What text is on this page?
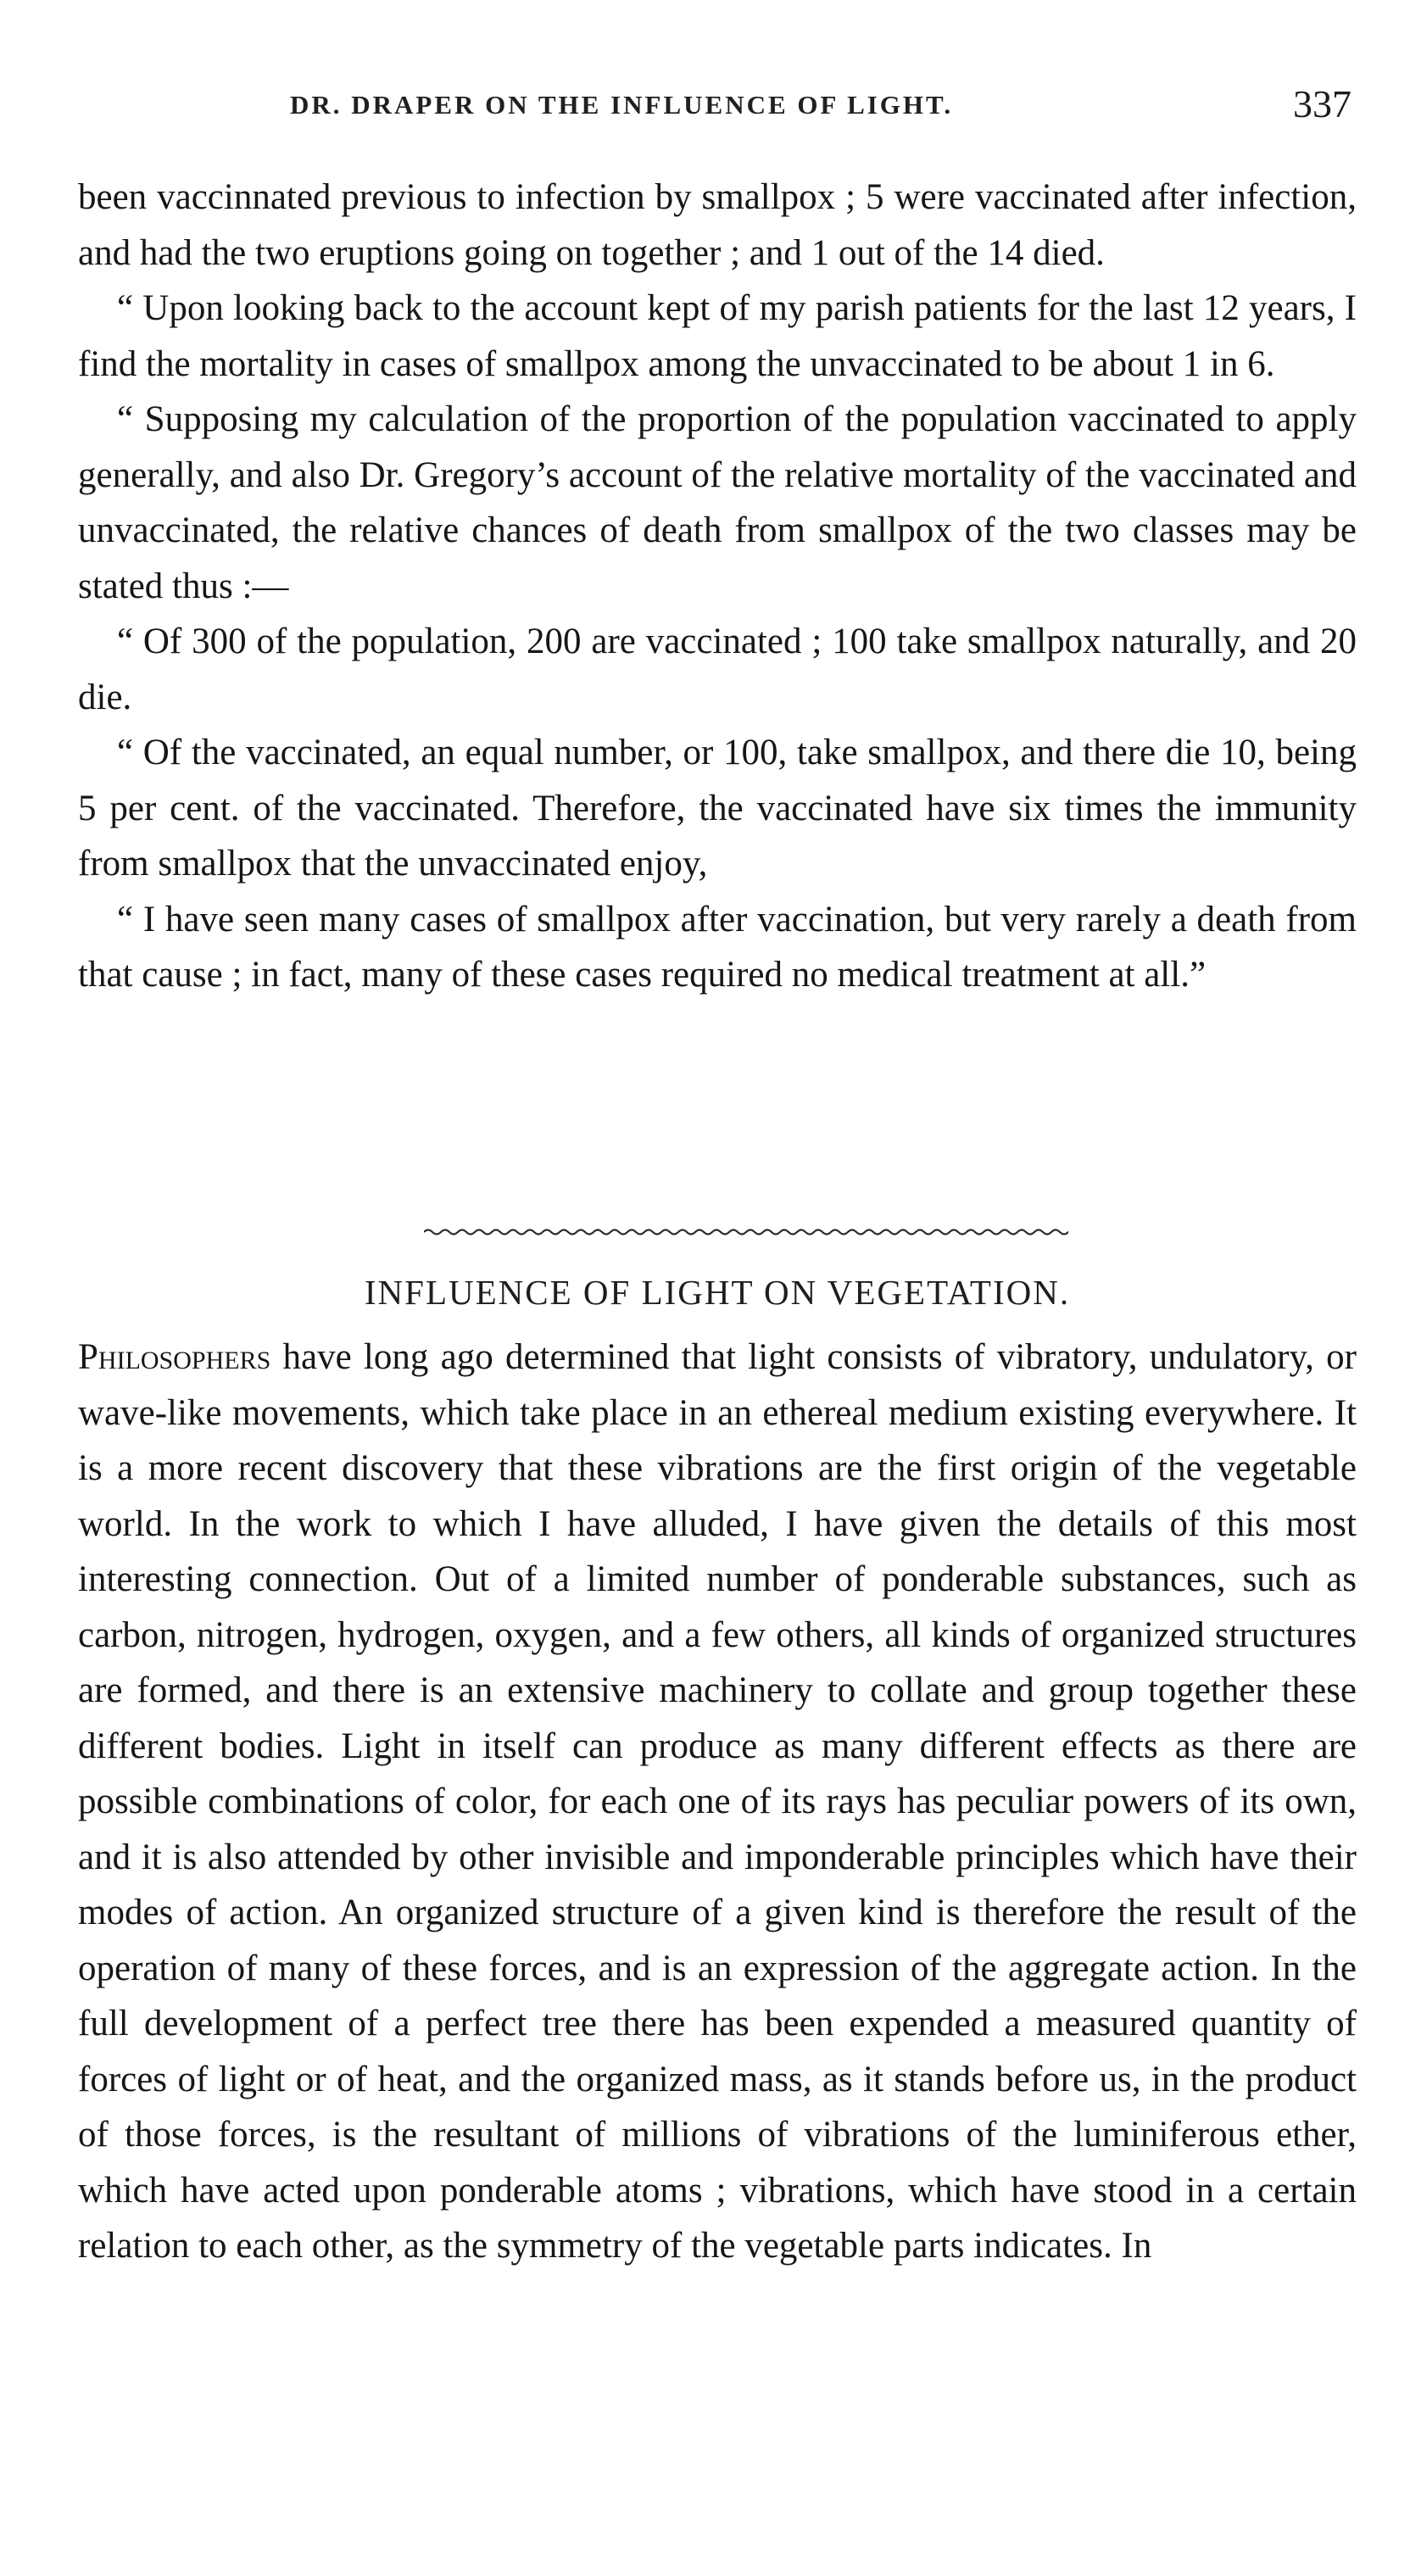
DR. DRAPER ON THE INFLUENCE OF LIGHT.	337

been vaccinnated previous to infection by smallpox ; 5 were vaccinated after infection, and had the two eruptions going on together ; and 1 out of the 14 died.

“ Upon looking back to the account kept of my parish patients for the last 12 years, I find the mortality in cases of smallpox among the unvaccinated to be about 1 in 6.

“ Supposing my calculation of the proportion of the population vaccinated to apply generally, and also Dr. Gregory’s account of the relative mortality of the vaccinated and unvaccinated, the relative chances of death from smallpox of the two classes may be stated thus :—

“ Of 300 of the population, 200 are vaccinated ; 100 take smallpox naturally, and 20 die.

“ Of the vaccinated, an equal number, or 100, take smallpox, and there die 10, being 5 per cent. of the vaccinated. Therefore, the vaccinated have six times the immunity from smallpox that the unvaccinated enjoy,

“ I have seen many cases of smallpox after vaccination, but very rarely a death from that cause ; in fact, many of these cases required no medical treatment at all.”

INFLUENCE OF LIGHT ON VEGETATION.

Philosophers have long ago determined that light consists of vibratory, undulatory, or wave-like movements, which take place in an ethereal medium existing everywhere. It is a more recent discovery that these vibrations are the first origin of the vegetable world. In the work to which I have alluded, I have given the details of this most interesting connection. Out of a limited number of ponderable substances, such as carbon, nitrogen, hydrogen, oxygen, and a few others, all kinds of organized structures are formed, and there is an extensive machinery to collate and group together these different bodies. Light in itself can produce as many different effects as there are possible combinations of color, for each one of its rays has peculiar powers of its own, and it is also attended by other invisible and imponderable principles which have their modes of action. An organized structure of a given kind is therefore the result of the operation of many of these forces, and is an expression of the aggregate action. In the full development of a perfect tree there has been expended a measured quantity of forces of light or of heat, and the organized mass, as it stands before us, in the product of those forces, is the resultant of millions of vibrations of the luminiferous ether, which have acted upon ponderable atoms ; vibrations, which have stood in a certain relation to each other, as the symmetry of the vegetable parts indicates. In
